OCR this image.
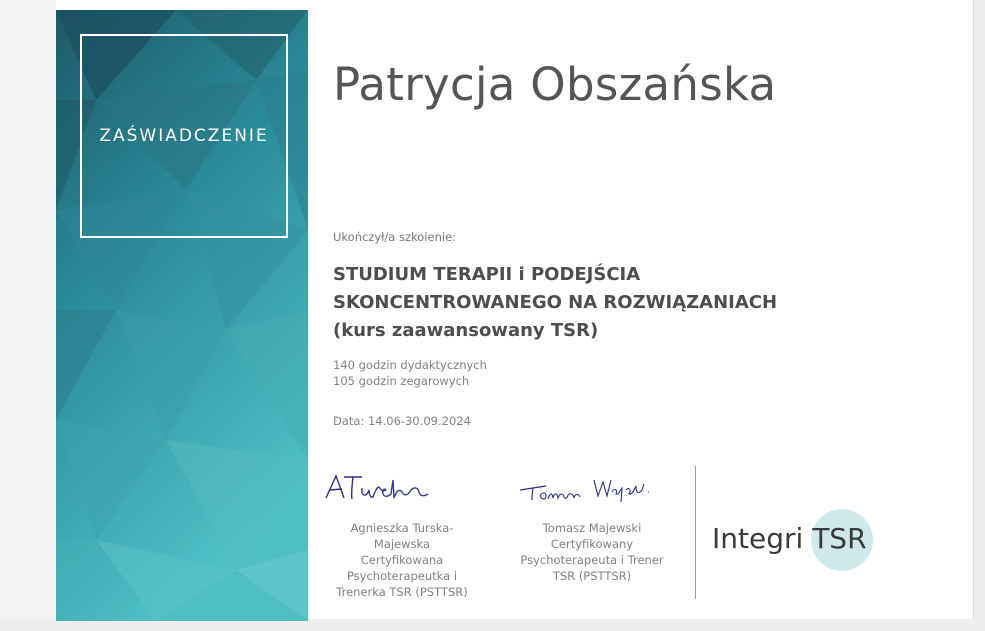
ZAŚWIADCZENIE
Patrycja Obszańska
Ukończył/a szkolenie:
STUDIUM TERAPII i PODEJŚCIA
SKONCENTROWANEGO NA ROZWIĄZANIACH
(kurs zaawansowany TSR)
140 godzin dydaktycznych
105 godzin zegarowych
Data: 14.06-30.09.2024
Agnieszka Turska-
Majewska
Certyfikowana
Psychoterapeutka i
Trenerka TSR (PSTTSR)
Tomasz Majewski
Certyfikowany
Psychoterapeuta i Trener
TSR (PSTTSR)
Integri TSR
